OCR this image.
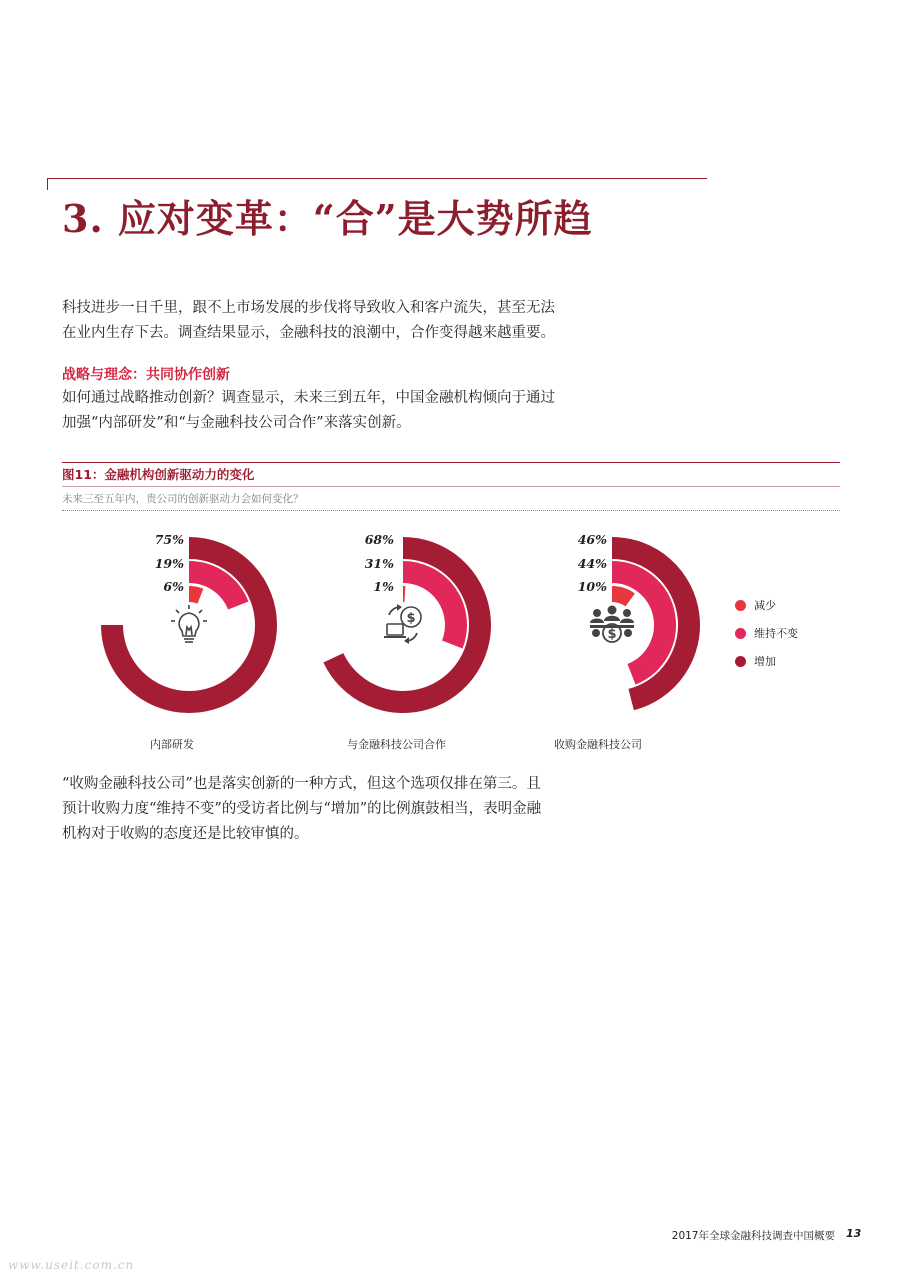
3. 应对变革：“合”是大势所趋
科技进步一日千里，跟不上市场发展的步伐将导致收入和客户流失，甚至无法
在业内生存下去。调查结果显示，金融科技的浪潮中，合作变得越来越重要。
战略与理念：共同协作创新
如何通过战略推动创新？调查显示，未来三到五年，中国金融机构倾向于通过
加强“内部研发”和“与金融科技公司合作”来落实创新。
图11：金融机构创新驱动力的变化
未来三至五年内，贵公司的创新驱动力会如何变化？
$
$
75%
19%
6%
68%
31%
1%
46%
44%
10%
内部研发	与金融科技公司合作	收购金融科技公司
减少
维持不变
增加
“收购金融科技公司”也是落实创新的一种方式，但这个选项仅排在第三。且
预计收购力度“维持不变”的受访者比例与“增加”的比例旗鼓相当，表明金融
机构对于收购的态度还是比较审慎的。
2017年全球金融科技调查中国概要 13
www.useit.com.cn
